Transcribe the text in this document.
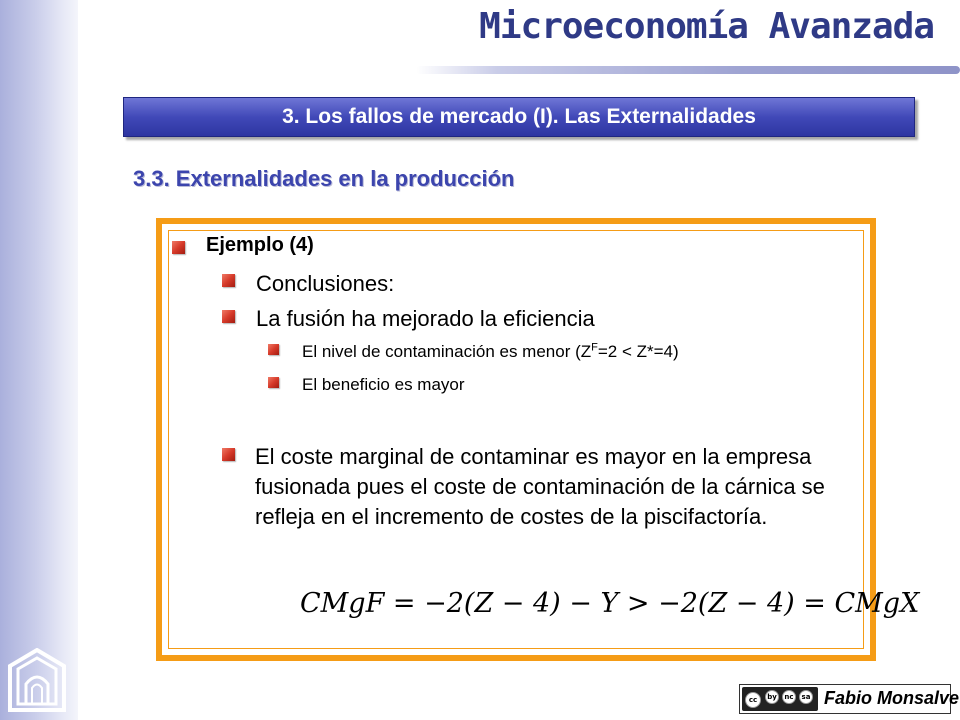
Microeconomía Avanzada
3. Los fallos de mercado (I). Las Externalidades
3.3. Externalidades en la producción

Ejemplo (4)

Conclusiones:

La fusión ha mejorado la eficiencia

El nivel de contaminación es menor $(Z^F=2 < Z*=4)$

El beneficio es mayor

El coste marginal de contaminar es mayor en la empresa fusionada pues el coste de contaminación de la cárnica se refleja en el incremento de costes de la piscifactoría.

CMgF = −2(Z − 4) − Y > −2(Z − 4) = CMgX

cc	by	nc	sa Fabio Monsalve
